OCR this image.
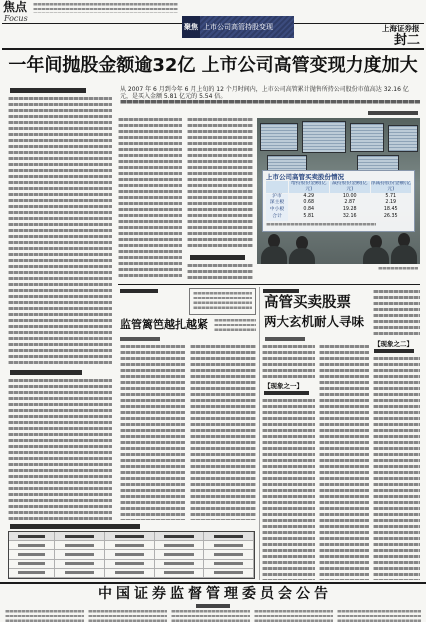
焦点
Focus
聚焦 上市公司高管持股变现	上海证券报
封二
一年间抛股金额逾32亿 上市公司高管变现力度加大

从 2007 年 6 月到今年 6 月上旬的 12 个月时间内，上市公司高管累计抛售所持公司股份市值高达 32.16 亿元，是买入金额 5.81 亿元的 5.54 倍。

上市公司高管买卖股份情况
增持股份金额(亿元)
减持股份金额(亿元)
净减持股份金额(亿元)
沪市	4.29	10.00	5.71
深主板	0.68	2.87	2.19
中小板	0.84	19.28	18.45
合计	5.81	32.16	26.35
监管篱笆越扎越紧
高管买卖股票
两大玄机耐人寻味
【现象之一】
【现象之二】
中国证券监督管理委员会公告
